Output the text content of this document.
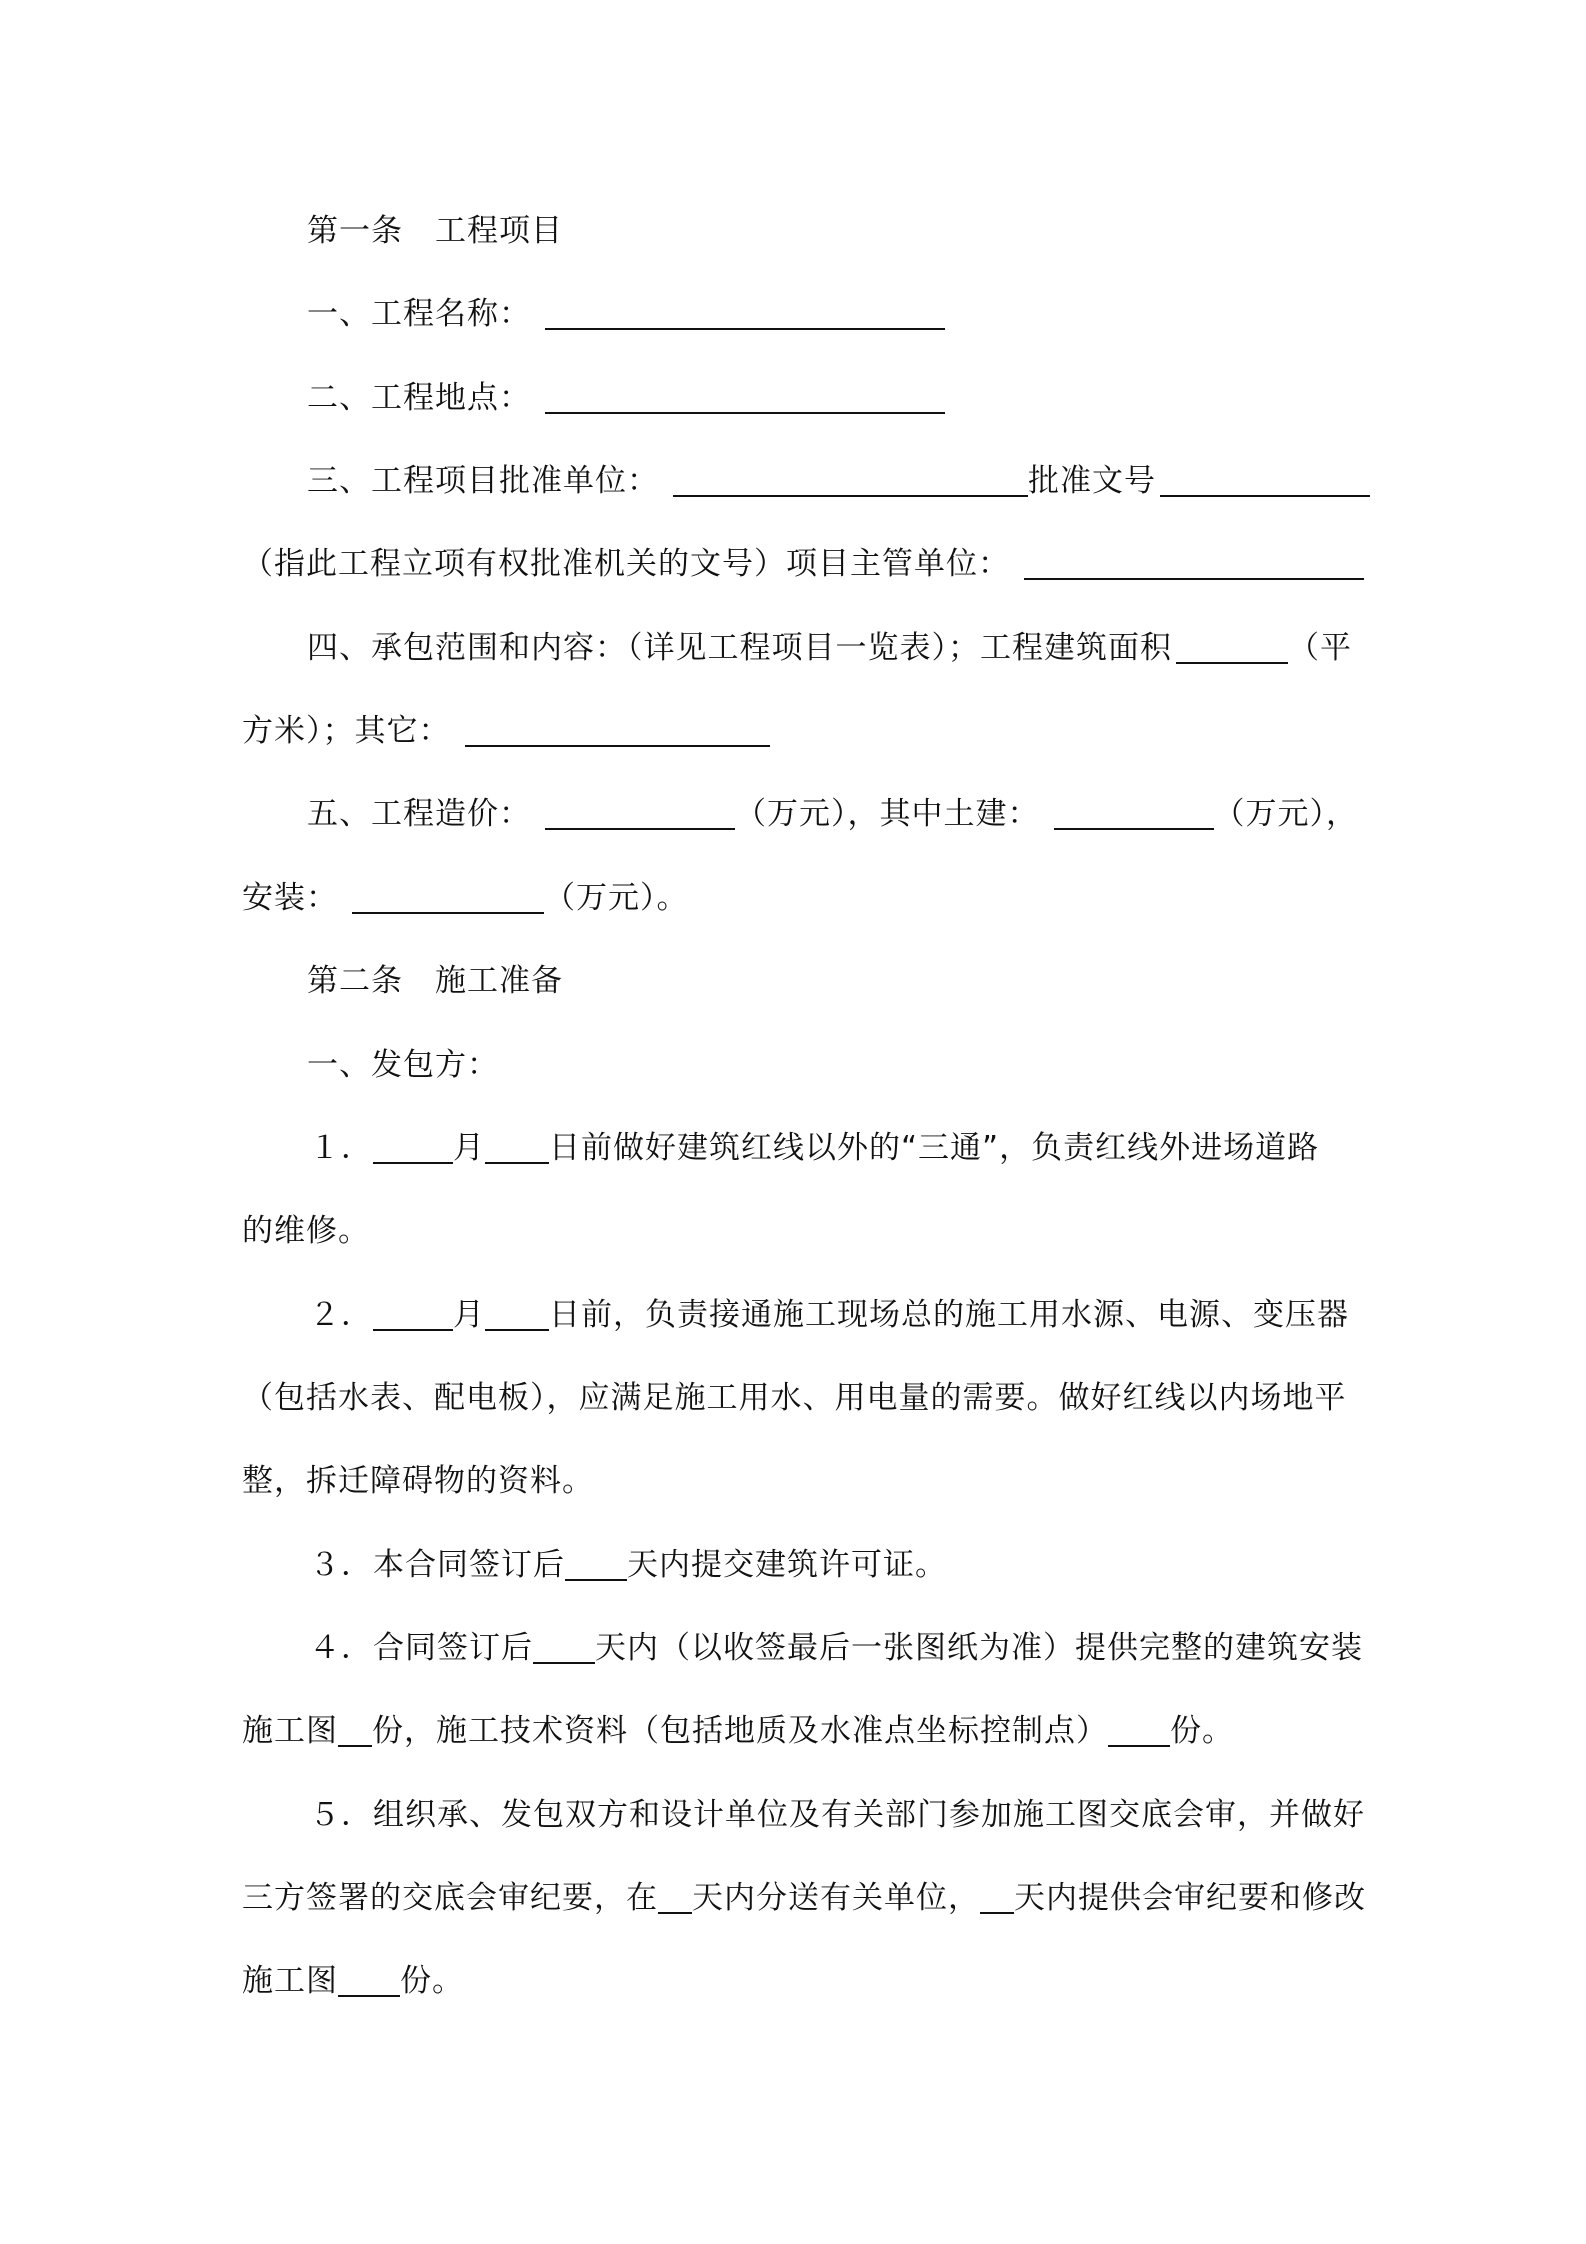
第一条　工程项目
一、工程名称：
二、工程地点：
三、工程项目批准单位：	批准文号
（指此工程立项有权批准机关的文号）项目主管单位：
四、承包范围和内容：（详见工程项目一览表）；工程建筑面积	（平
方米）；其它：
五、工程造价：	（万元），其中土建：	（万元），
安装：	（万元）。
第二条　施工准备
一、发包方：
１．	月 日前做好建筑红线以外的“三通”，负责红线外进场道路
的维修。
２．	月 日前，负责接通施工现场总的施工用水源、电源、变压器
（包括水表、配电板），应满足施工用水、用电量的需要。做好红线以内场地平
整，拆迁障碍物的资料。
３．本合同签订后 天内提交建筑许可证。
４．合同签订后 天内（以收签最后一张图纸为准）提供完整的建筑安装
施工图 份，施工技术资料（包括地质及水准点坐标控制点） 份。
５．组织承、发包双方和设计单位及有关部门参加施工图交底会审，并做好
三方签署的交底会审纪要，在 天内分送有关单位， 天内提供会审纪要和修改
施工图 份。
